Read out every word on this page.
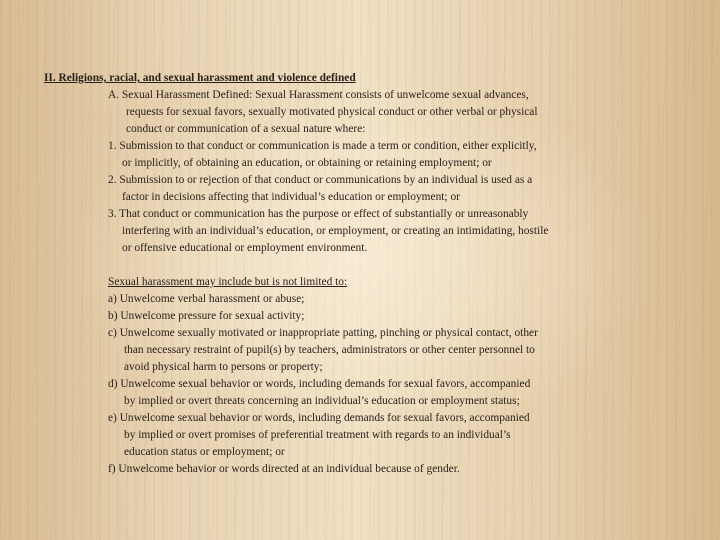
II. Religions, racial, and sexual harassment and violence defined
A. Sexual Harassment Defined: Sexual Harassment consists of unwelcome sexual advances,
requests for sexual favors, sexually motivated physical conduct or other verbal or physical
conduct or communication of a sexual nature where:
1. Submission to that conduct or communication is made a term or condition, either explicitly,
or implicitly, of obtaining an education, or obtaining or retaining employment; or
2. Submission to or rejection of that conduct or communications by an individual is used as a
factor in decisions affecting that individual’s education or employment; or
3. That conduct or communication has the purpose or effect of substantially or unreasonably
interfering with an individual’s education, or employment, or creating an intimidating, hostile
or offensive educational or employment environment.
Sexual harassment may include but is not limited to:
a) Unwelcome verbal harassment or abuse;
b) Unwelcome pressure for sexual activity;
c) Unwelcome sexually motivated or inappropriate patting, pinching or physical contact, other
than necessary restraint of pupil(s) by teachers, administrators or other center personnel to
avoid physical harm to persons or property;
d) Unwelcome sexual behavior or words, including demands for sexual favors, accompanied
by implied or overt threats concerning an individual’s education or employment status;
e) Unwelcome sexual behavior or words, including demands for sexual favors, accompanied
by implied or overt promises of preferential treatment with regards to an individual’s
education status or employment; or
f) Unwelcome behavior or words directed at an individual because of gender.
